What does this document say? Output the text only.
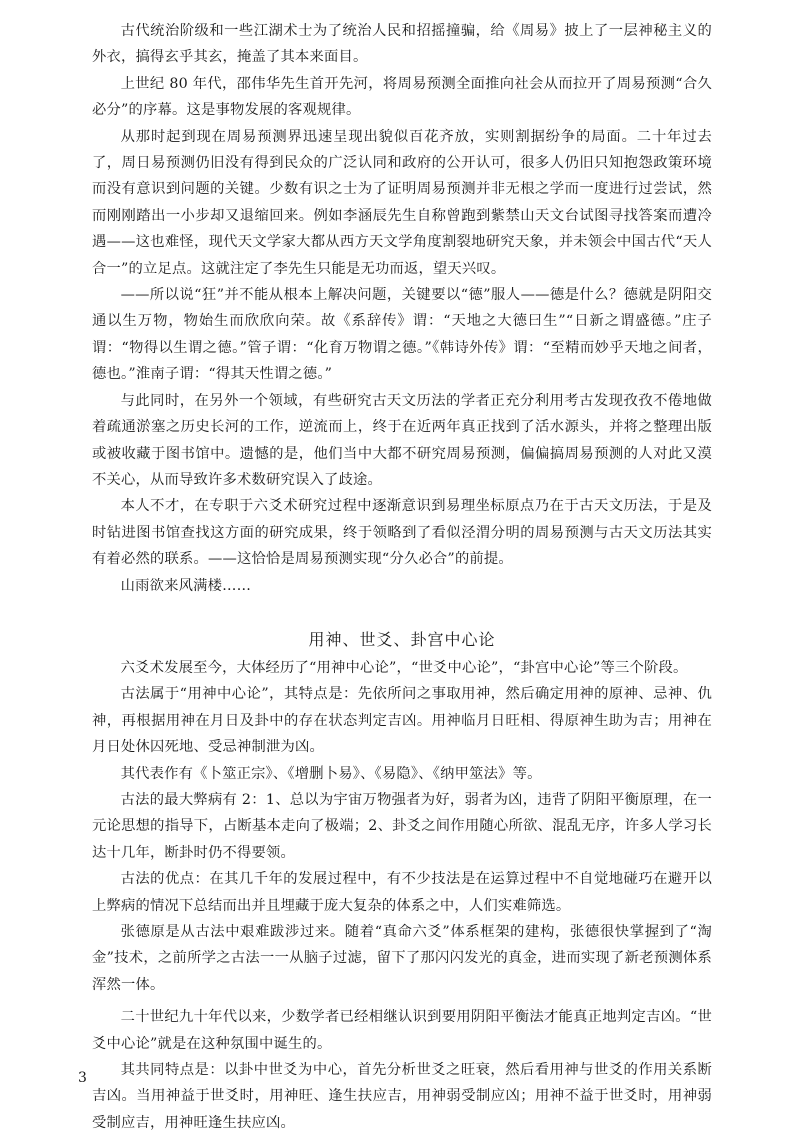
古代统治阶级和一些江湖术士为了统治人民和招摇撞骗，给《周易》披上了一层神秘主义的外衣，搞得玄乎其玄，掩盖了其本来面目。

上世纪 80 年代，邵伟华先生首开先河，将周易预测全面推向社会从而拉开了周易预测“合久必分”的序幕。这是事物发展的客观规律。

从那时起到现在周易预测界迅速呈现出貌似百花齐放，实则割据纷争的局面。二十年过去了，周日易预测仍旧没有得到民众的广泛认同和政府的公开认可，很多人仍旧只知抱怨政策环境而没有意识到问题的关键。少数有识之士为了证明周易预测并非无根之学而一度进行过尝试，然而刚刚踏出一小步却又退缩回来。例如李涵辰先生自称曾跑到紫禁山天文台试图寻找答案而遭冷遇——这也难怪，现代天文学家大都从西方天文学角度割裂地研究天象，并未领会中国古代“天人合一”的立足点。这就注定了李先生只能是无功而返，望天兴叹。

——所以说“狂”并不能从根本上解决问题，关键要以“德”服人——德是什么？德就是阴阳交通以生万物，物始生而欣欣向荣。故《系辞传》谓：“天地之大德曰生”“日新之谓盛德。”庄子谓：“物得以生谓之德。”管子谓：“化育万物谓之德。”《韩诗外传》谓：“至精而妙乎天地之间者，德也。”淮南子谓：“得其天性谓之德。”

与此同时，在另外一个领域，有些研究古天文历法的学者正充分利用考古发现孜孜不倦地做着疏通淤塞之历史长河的工作，逆流而上，终于在近两年真正找到了活水源头，并将之整理出版或被收藏于图书馆中。遗憾的是，他们当中大都不研究周易预测，偏偏搞周易预测的人对此又漠不关心，从而导致许多术数研究误入了歧途。

本人不才，在专职于六爻术研究过程中逐渐意识到易理坐标原点乃在于古天文历法，于是及时钻进图书馆查找这方面的研究成果，终于领略到了看似泾渭分明的周易预测与古天文历法其实有着必然的联系。——这恰恰是周易预测实现“分久必合”的前提。

山雨欲来风满楼……

用神、世爻、卦宫中心论

六爻术发展至今，大体经历了“用神中心论”，“世爻中心论”，“卦宫中心论”等三个阶段。

古法属于“用神中心论”，其特点是：先依所问之事取用神，然后确定用神的原神、忌神、仇神，再根据用神在月日及卦中的存在状态判定吉凶。用神临月日旺相、得原神生助为吉；用神在月日处休囚死地、受忌神制泄为凶。

其代表作有《卜筮正宗》、《增删卜易》、《易隐》、《纳甲筮法》等。

古法的最大弊病有 2：1、总以为宇宙万物强者为好，弱者为凶，违背了阴阳平衡原理，在一元论思想的指导下，占断基本走向了极端；2、卦爻之间作用随心所欲、混乱无序，许多人学习长达十几年，断卦时仍不得要领。

古法的优点：在其几千年的发展过程中，有不少技法是在运算过程中不自觉地碰巧在避开以上弊病的情况下总结而出并且埋藏于庞大复杂的体系之中，人们实难筛选。

张德原是从古法中艰难跋涉过来。随着“真命六爻”体系框架的建构，张德很快掌握到了“淘金”技术，之前所学之古法一一从脑子过滤，留下了那闪闪发光的真金，进而实现了新老预测体系浑然一体。

二十世纪九十年代以来，少数学者已经相继认识到要用阴阳平衡法才能真正地判定吉凶。“世爻中心论”就是在这种氛围中诞生的。

其共同特点是：以卦中世爻为中心，首先分析世爻之旺衰，然后看用神与世爻的作用关系断吉凶。当用神益于世爻时，用神旺、逢生扶应吉，用神弱受制应凶；用神不益于世爻时，用神弱受制应吉，用神旺逢生扶应凶。

3
